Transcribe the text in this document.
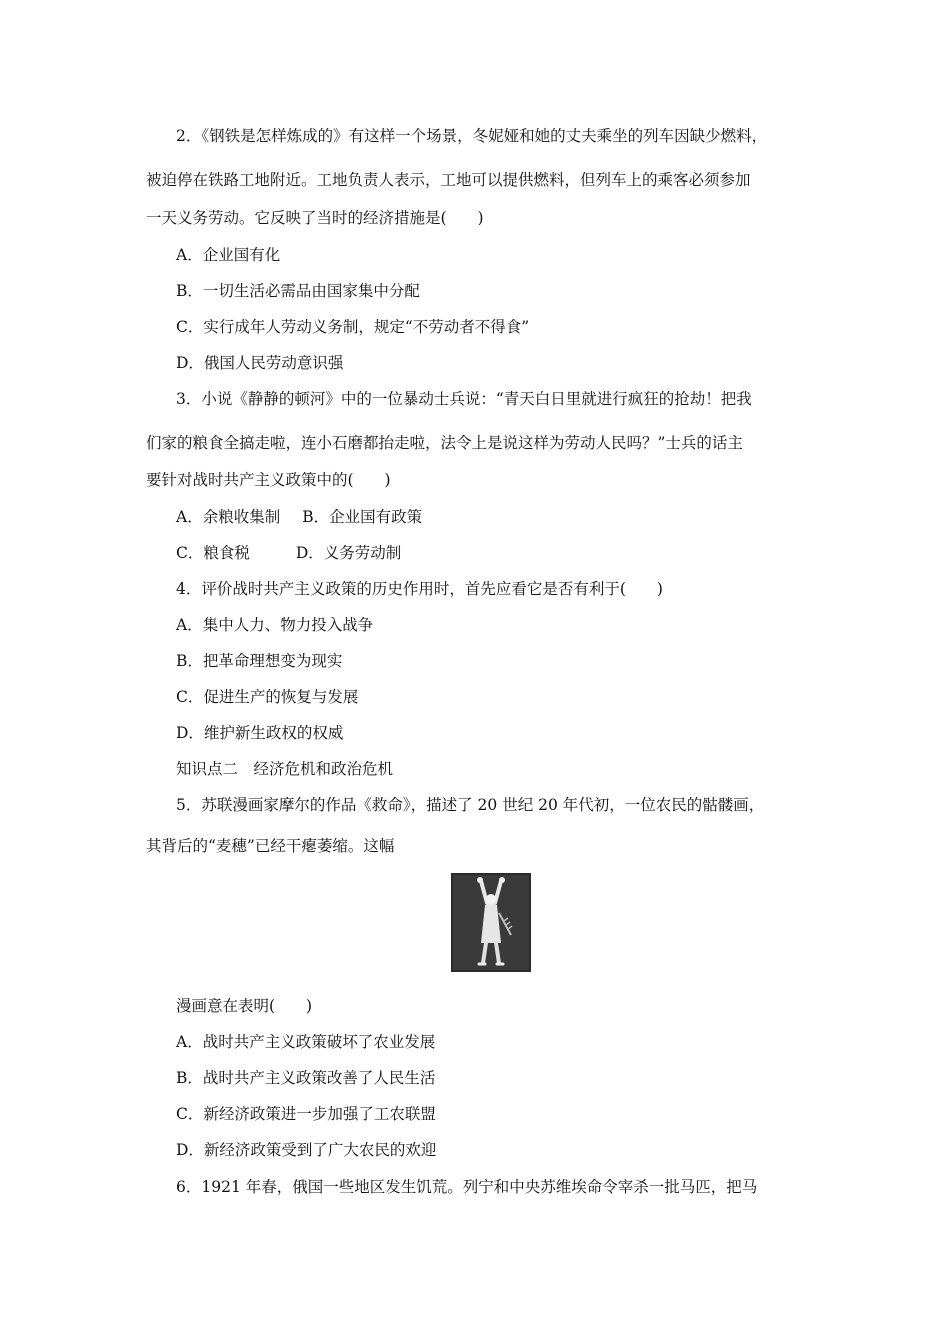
2．《钢铁是怎样炼成的》有这样一个场景，冬妮娅和她的丈夫乘坐的列车因缺少燃料，
被迫停在铁路工地附近。工地负责人表示，工地可以提供燃料，但列车上的乘客必须参加
一天义务劳动。它反映了当时的经济措施是(　　)
A．企业国有化
B．一切生活必需品由国家集中分配
C．实行成年人劳动义务制，规定“不劳动者不得食”
D．俄国人民劳动意识强
3．小说《静静的顿河》中的一位暴动士兵说：“青天白日里就进行疯狂的抢劫！把我
们家的粮食全搞走啦，连小石磨都抬走啦，法令上是说这样为劳动人民吗？”士兵的话主
要针对战时共产主义政策中的(　　)
A．余粮收集制 B．企业国有政策
C．粮食税	D．义务劳动制
4．评价战时共产主义政策的历史作用时，首先应看它是否有利于(　　)
A．集中人力、物力投入战争
B．把革命理想变为现实
C．促进生产的恢复与发展
D．维护新生政权的权威
知识点二　经济危机和政治危机
5．苏联漫画家摩尔的作品《救命》，描述了 20 世纪 20 年代初，一位农民的骷髅画，
其背后的“麦穗”已经干瘪萎缩。这幅
漫画意在表明(　　)
A．战时共产主义政策破坏了农业发展
B．战时共产主义政策改善了人民生活
C．新经济政策进一步加强了工农联盟
D．新经济政策受到了广大农民的欢迎
6．1921 年春，俄国一些地区发生饥荒。列宁和中央苏维埃命令宰杀一批马匹，把马
